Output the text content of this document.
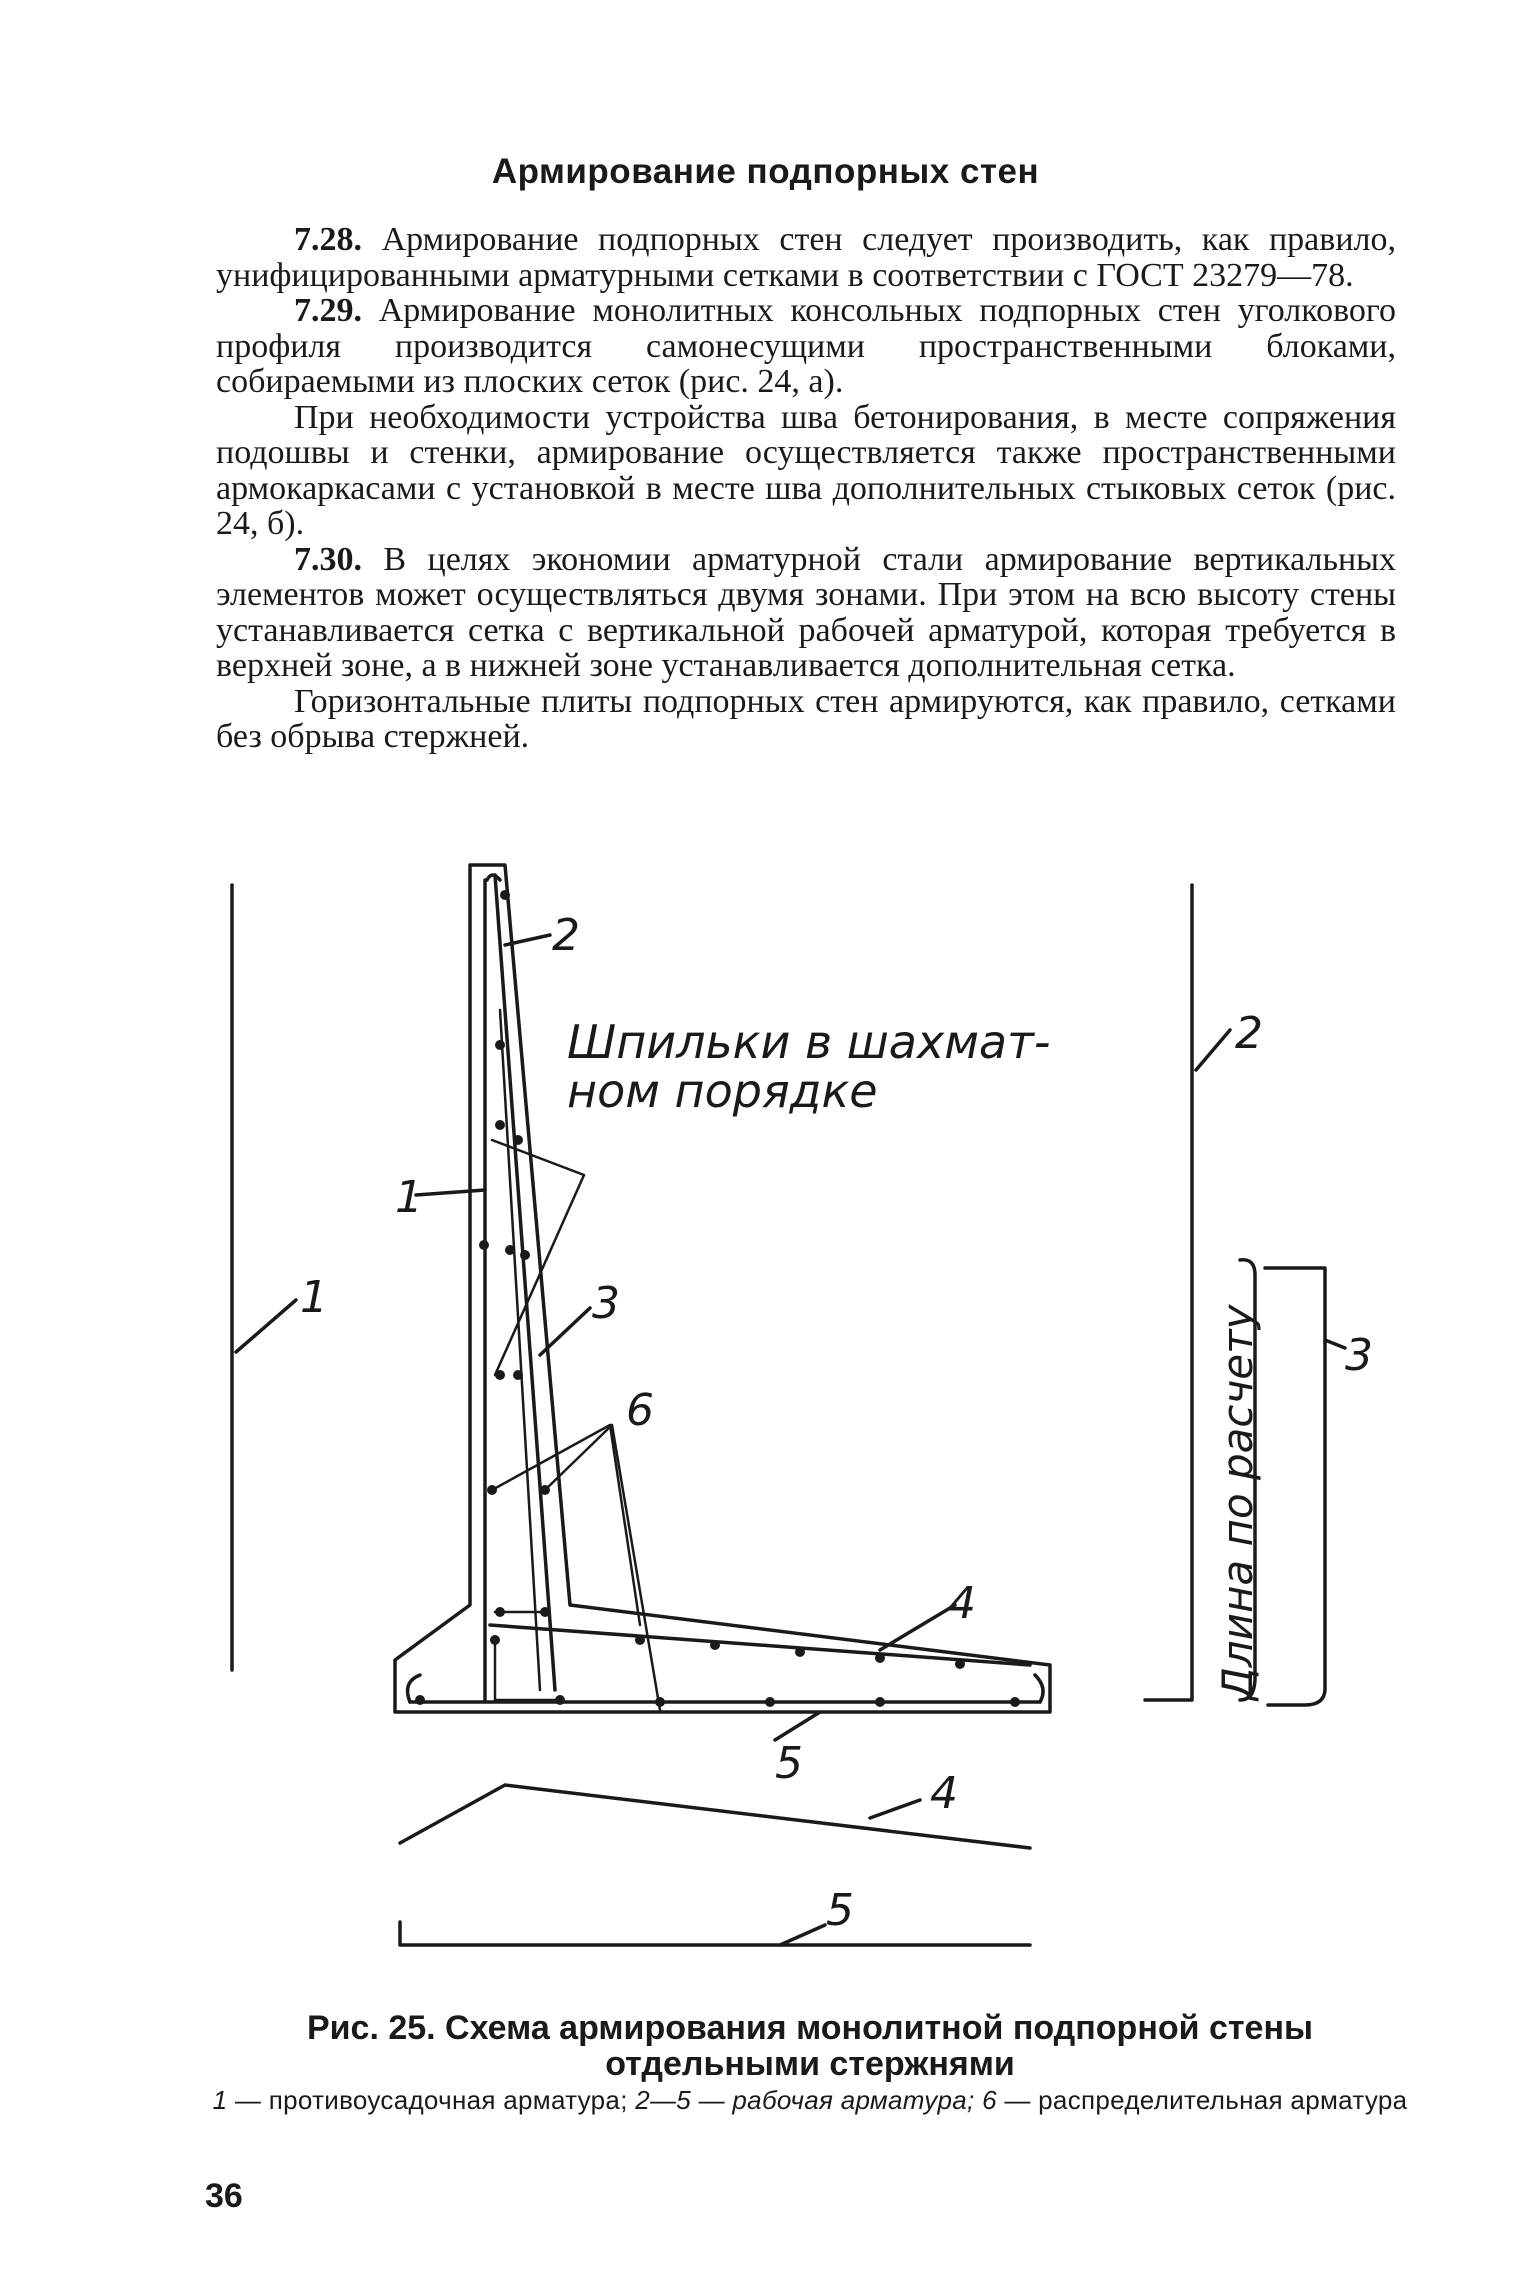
Армирование подпорных стен

7.28. Армирование подпорных стен следует производить, как правило, унифицированными арматурными сетками в соответствии с ГОСТ 23279—78.

7.29. Армирование монолитных консольных подпорных стен уголкового профиля производится самонесущими пространственными блоками, собираемыми из плоских сеток (рис. 24, а).

При необходимости устройства шва бетонирования, в месте сопряжения подошвы и стенки, армирование осуществляется также пространственными армокаркасами с установкой в месте шва дополнительных стыковых сеток (рис. 24, б).

7.30. В целях экономии арматурной стали армирование вертикальных элементов может осуществляться двумя зонами. При этом на всю высоту стены устанавливается сетка с вертикальной рабочей арматурой, которая требуется в верхней зоне, а в нижней зоне устанавливается дополнительная сетка.

Горизонтальные плиты подпорных стен армируются, как правило, сетками без обрыва стержней.

Шпильки в шахмат-
ном порядке
1
1
2
2
3
3
4
4
5
5
6	Длина по расчету
Рис. 25. Схема армирования монолитной подпорной стены отдельными стержнями
1 — противоусадочная арматура; 2—5 — рабочая арматура; 6 — распределительная арматура
36
